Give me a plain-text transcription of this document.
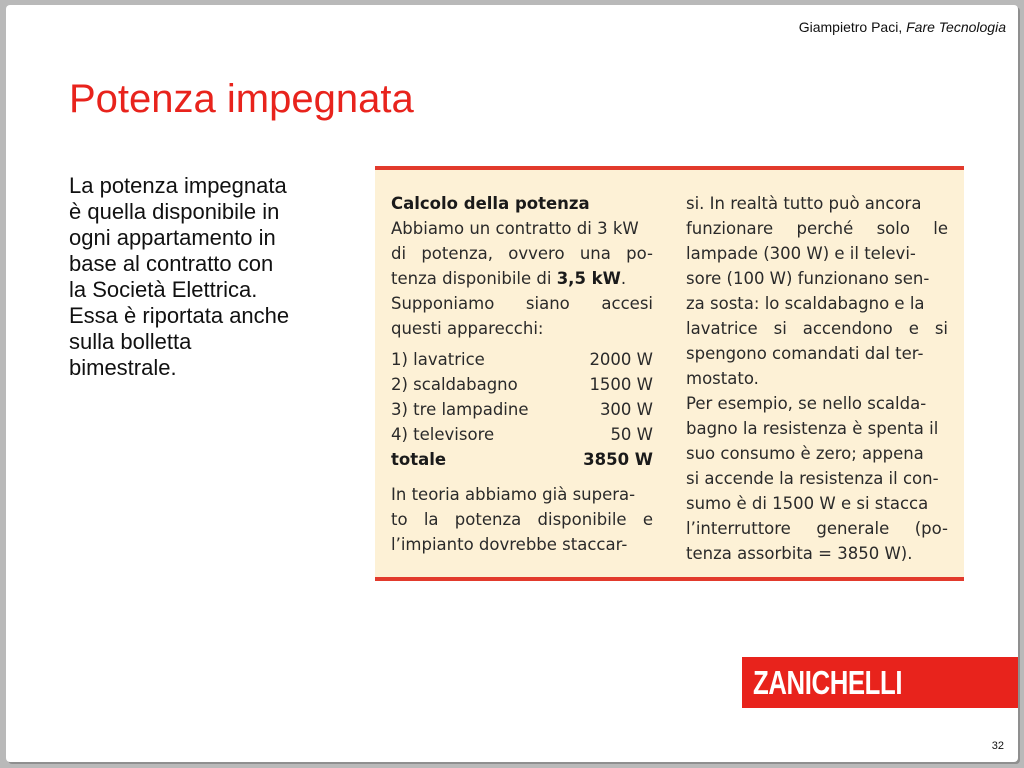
Giampietro Paci, Fare Tecnologia
Potenza impegnata

La potenza impegnata
è quella disponibile in
ogni appartamento in
base al contratto con
la Società Elettrica.
Essa è riportata anche
sulla bolletta
bimestrale.

Calcolo della potenza
Abbiamo un contratto di 3 kW
di potenza, ovvero una po-
tenza disponibile di 3,5 kW.
Supponiamo siano accesi
questi apparecchi:
1) lavatrice	2000 W
2) scaldabagno	1500 W
3) tre lampadine	300 W
4) televisore	50 W
totale	3850 W
In teoria abbiamo già supera-
to la potenza disponibile e
l’impianto dovrebbe staccar-
si. In realtà tutto può ancora
funzionare perché solo le
lampade (300 W) e il televi-
sore (100 W) funzionano sen-
za sosta: lo scaldabagno e la
lavatrice si accendono e si
spengono comandati dal ter-
mostato.
Per esempio, se nello scalda-
bagno la resistenza è spenta il
suo consumo è zero; appena
si accende la resistenza il con-
sumo è di 1500 W e si stacca
l’interruttore generale (po-
tenza assorbita = 3850 W).
ZANICHELLI
32
